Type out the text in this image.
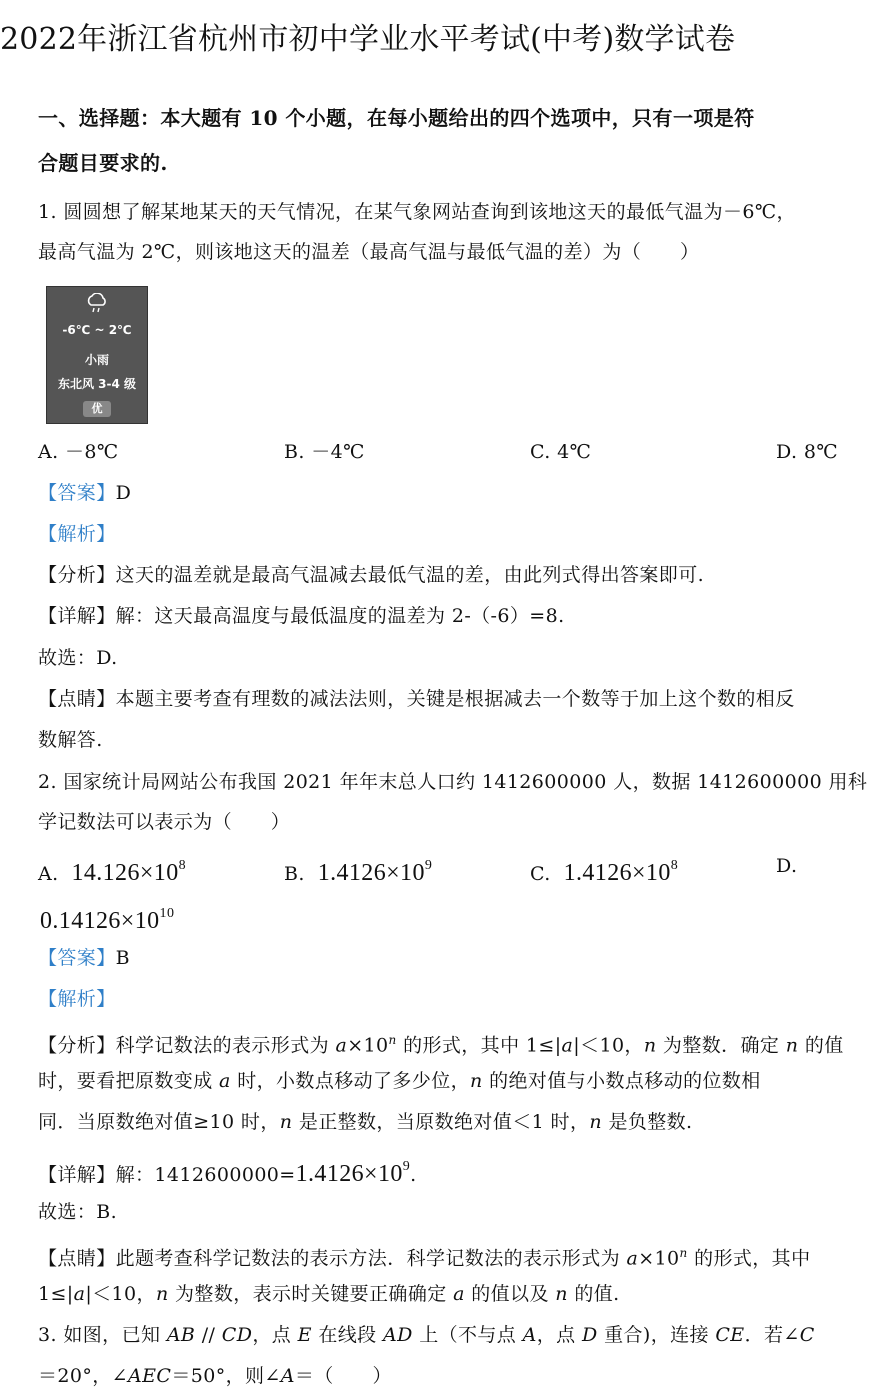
2022年浙江省杭州市初中学业水平考试(中考)数学试卷
一、选择题：本大题有 10 个小题，在每小题给出的四个选项中，只有一项是符
合题目要求的.
1. 圆圆想了解某地某天的天气情况，在某气象网站查询到该地这天的最低气温为－6℃，
最高气温为 2℃，则该地这天的温差（最高气温与最低气温的差）为（　　）
-6℃ ~ 2℃
小雨
东北风 3-4 级
优
A. －8℃	B. －4℃	C. 4℃	D. 8℃
【答案】D
【解析】
【分析】这天的温差就是最高气温减去最低气温的差，由此列式得出答案即可.
【详解】解：这天最高温度与最低温度的温差为 2-（-6）=8.
故选：D.
【点睛】本题主要考查有理数的减法法则，关键是根据减去一个数等于加上这个数的相反
数解答.
2. 国家统计局网站公布我国 2021 年年末总人口约 1412600000 人，数据 1412600000 用科
学记数法可以表示为（　　）
A. $14.126\times 10^8$	B. $1.4126\times 10^9$	C. $1.4126\times 10^8$	D.
$0.14126\times 10^{10}$
【答案】B
【解析】
【分析】科学记数法的表示形式为 $a\times 10^n$ 的形式，其中 1≤|a|＜10，n 为整数．确定 n 的值
时，要看把原数变成 a 时，小数点移动了多少位，n 的绝对值与小数点移动的位数相
同．当原数绝对值≥10 时，n 是正整数，当原数绝对值＜1 时，n 是负整数.
【详解】解：$1412600000=1.4126\times 10^9$.
故选：B.
【点睛】此题考查科学记数法的表示方法．科学记数法的表示形式为 $a\times 10^n$ 的形式，其中
1≤|a|＜10，n 为整数，表示时关键要正确确定 a 的值以及 n 的值.
3. 如图，已知 AB // CD，点 E 在线段 AD 上（不与点 A，点 D 重合)，连接 CE．若∠C
＝20°，∠AEC＝50°，则∠A＝（　　）
